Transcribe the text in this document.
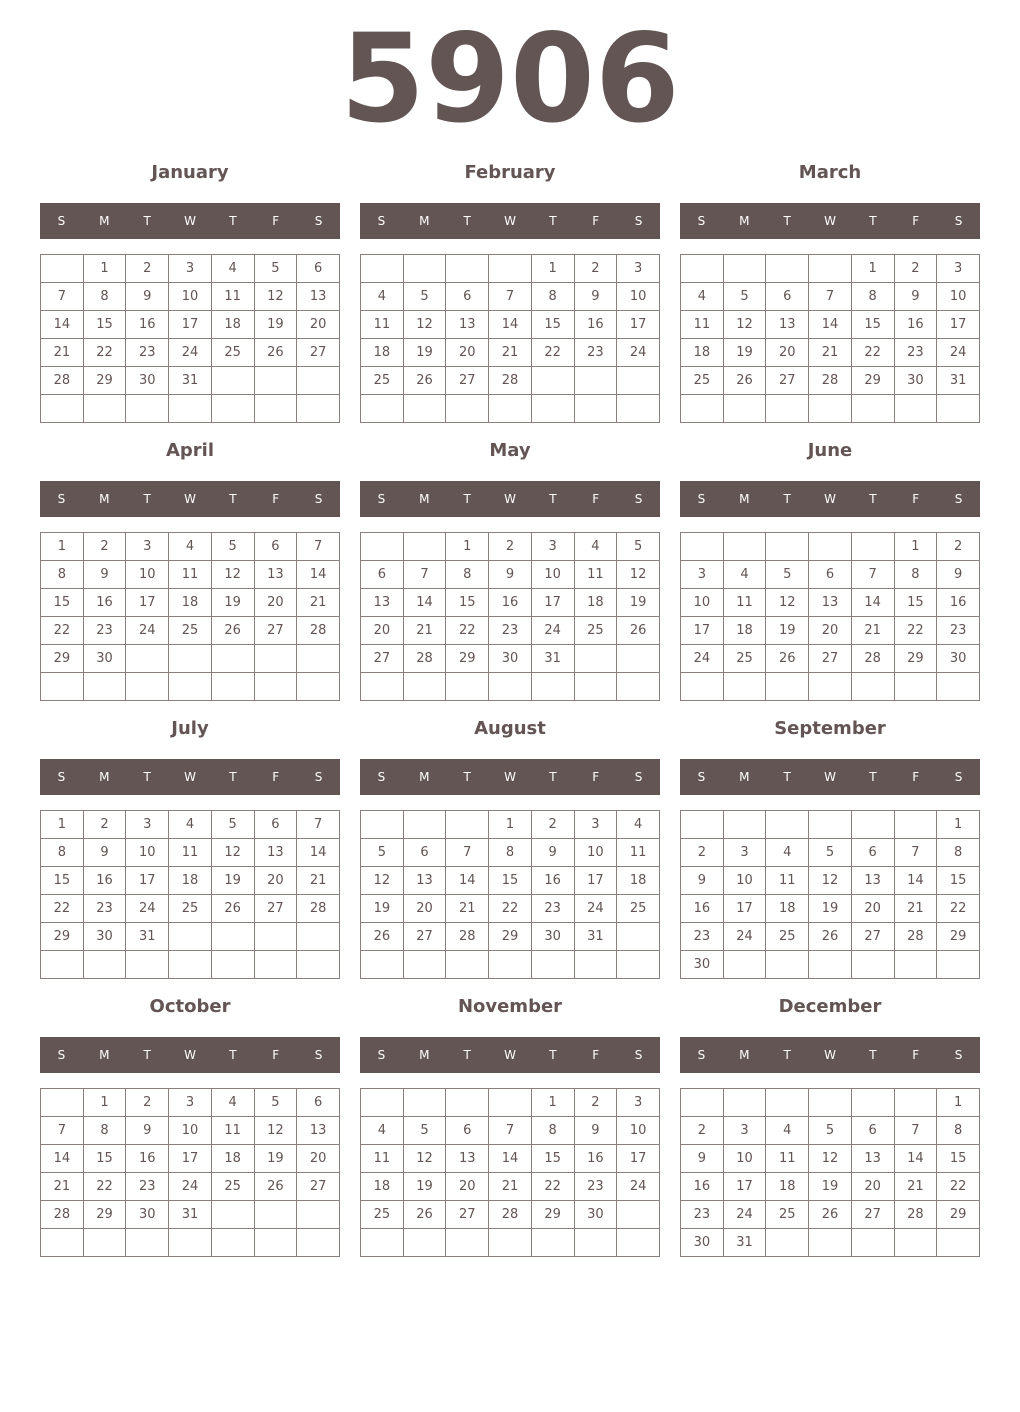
5906
January
S	M	T	W	T	F	S
	1	2	3	4	5	6
7	8	9	10	11	12	13
14	15	16	17	18	19	20
21	22	23	24	25	26	27
28	29	30	31			

February
S	M	T	W	T	F	S
				1	2	3
4	5	6	7	8	9	10
11	12	13	14	15	16	17
18	19	20	21	22	23	24
25	26	27	28			

March
S	M	T	W	T	F	S
				1	2	3
4	5	6	7	8	9	10
11	12	13	14	15	16	17
18	19	20	21	22	23	24
25	26	27	28	29	30	31

April
S	M	T	W	T	F	S
1	2	3	4	5	6	7
8	9	10	11	12	13	14
15	16	17	18	19	20	21
22	23	24	25	26	27	28
29	30					

May
S	M	T	W	T	F	S
		1	2	3	4	5
6	7	8	9	10	11	12
13	14	15	16	17	18	19
20	21	22	23	24	25	26
27	28	29	30	31		

June
S	M	T	W	T	F	S
					1	2
3	4	5	6	7	8	9
10	11	12	13	14	15	16
17	18	19	20	21	22	23
24	25	26	27	28	29	30

July
S	M	T	W	T	F	S
1	2	3	4	5	6	7
8	9	10	11	12	13	14
15	16	17	18	19	20	21
22	23	24	25	26	27	28
29	30	31				

August
S	M	T	W	T	F	S
			1	2	3	4
5	6	7	8	9	10	11
12	13	14	15	16	17	18
19	20	21	22	23	24	25
26	27	28	29	30	31	

September
S	M	T	W	T	F	S
						1
2	3	4	5	6	7	8
9	10	11	12	13	14	15
16	17	18	19	20	21	22
23	24	25	26	27	28	29
30						
October
S	M	T	W	T	F	S
	1	2	3	4	5	6
7	8	9	10	11	12	13
14	15	16	17	18	19	20
21	22	23	24	25	26	27
28	29	30	31			

November
S	M	T	W	T	F	S
				1	2	3
4	5	6	7	8	9	10
11	12	13	14	15	16	17
18	19	20	21	22	23	24
25	26	27	28	29	30	

December
S	M	T	W	T	F	S
						1
2	3	4	5	6	7	8
9	10	11	12	13	14	15
16	17	18	19	20	21	22
23	24	25	26	27	28	29
30	31					
